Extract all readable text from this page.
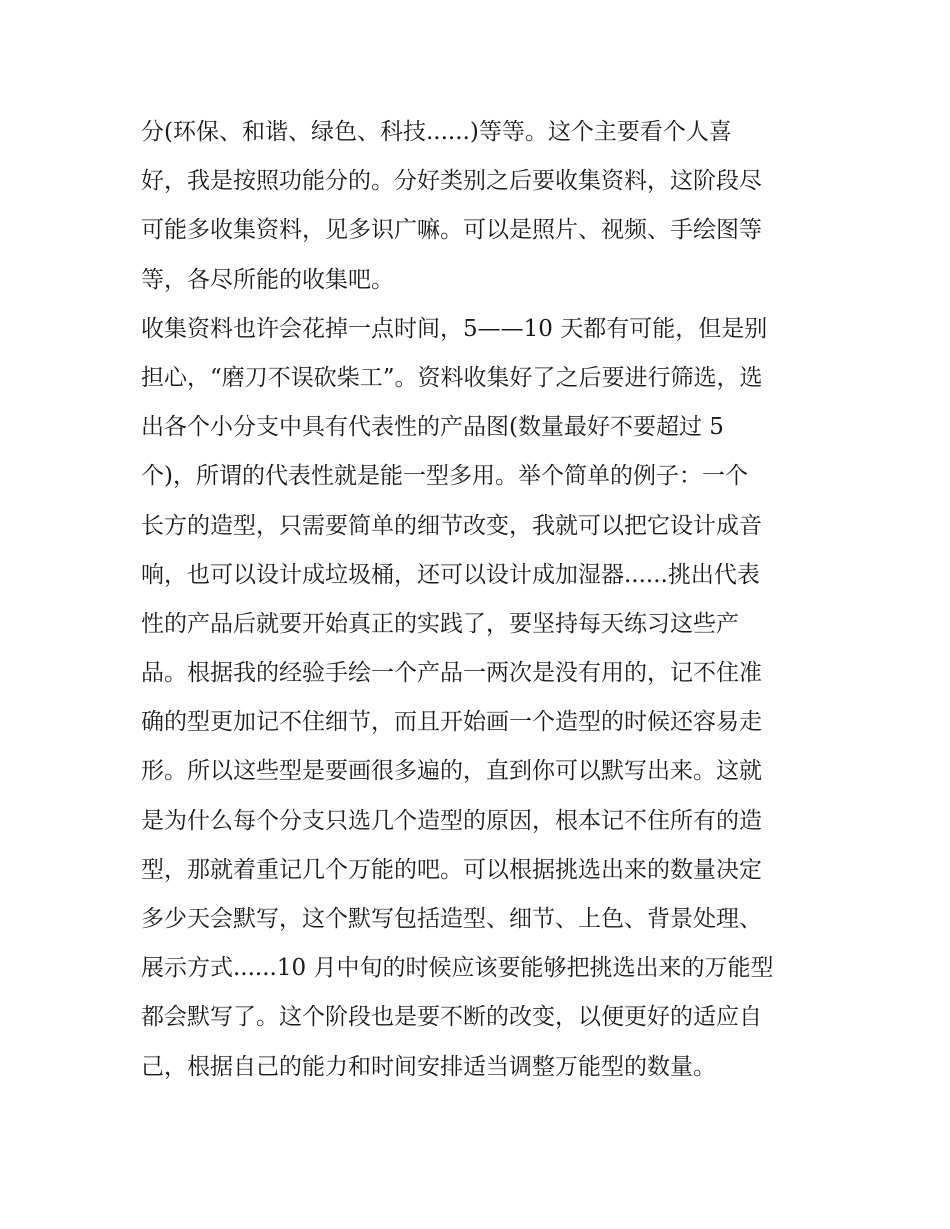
分(环保、和谐、绿色、科技......)等等。这个主要看个人喜
好，我是按照功能分的。分好类别之后要收集资料，这阶段尽
可能多收集资料，见多识广嘛。可以是照片、视频、手绘图等
等，各尽所能的收集吧。
收集资料也许会花掉一点时间，5——10 天都有可能，但是别
担心，“磨刀不误砍柴工”。资料收集好了之后要进行筛选，选
出各个小分支中具有代表性的产品图(数量最好不要超过 5
个)，所谓的代表性就是能一型多用。举个简单的例子：一个
长方的造型，只需要简单的细节改变，我就可以把它设计成音
响，也可以设计成垃圾桶，还可以设计成加湿器......挑出代表
性的产品后就要开始真正的实践了，要坚持每天练习这些产
品。根据我的经验手绘一个产品一两次是没有用的，记不住准
确的型更加记不住细节，而且开始画一个造型的时候还容易走
形。所以这些型是要画很多遍的，直到你可以默写出来。这就
是为什么每个分支只选几个造型的原因，根本记不住所有的造
型，那就着重记几个万能的吧。可以根据挑选出来的数量决定
多少天会默写，这个默写包括造型、细节、上色、背景处理、
展示方式......10 月中旬的时候应该要能够把挑选出来的万能型
都会默写了。这个阶段也是要不断的改变，以便更好的适应自
己，根据自己的能力和时间安排适当调整万能型的数量。
